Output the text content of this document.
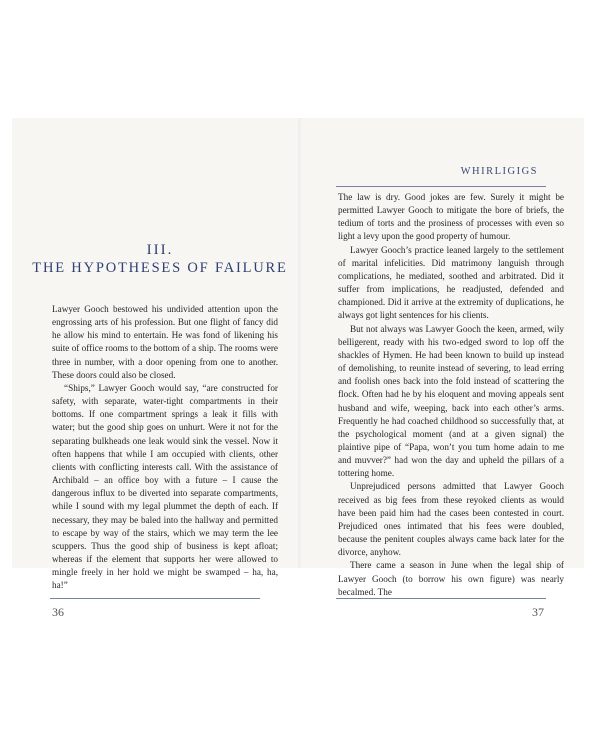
III.
THE HYPOTHESES OF FAILURE

Lawyer Gooch bestowed his undivided attention upon the engrossing arts of his profession. But one flight of fancy did he allow his mind to entertain. He was fond of likening his suite of office rooms to the bottom of a ship. The rooms were three in number, with a door opening from one to another. These doors could also be closed.

“Ships,” Lawyer Gooch would say, “are constructed for safety, with separate, water-tight compartments in their bottoms. If one compartment springs a leak it fills with water; but the good ship goes on unhurt. Were it not for the separating bulkheads one leak would sink the vessel. Now it often happens that while I am occupied with clients, other clients with conflicting interests call. With the assistance of Archibald – an office boy with a future – I cause the dangerous influx to be diverted into separate compartments, while I sound with my legal plummet the depth of each. If necessary, they may be baled into the hallway and permitted to escape by way of the stairs, which we may term the lee scuppers. Thus the good ship of business is kept afloat; whereas if the element that supports her were allowed to mingle freely in her hold we might be swamped – ha, ha, ha!”

36

WHIRLIGIGS

The law is dry. Good jokes are few. Surely it might be permitted Lawyer Gooch to mitigate the bore of briefs, the tedium of torts and the prosiness of processes with even so light a levy upon the good property of humour.

Lawyer Gooch’s practice leaned largely to the settlement of marital infelicities. Did matrimony languish through complications, he mediated, soothed and arbitrated. Did it suffer from implications, he readjusted, defended and championed. Did it arrive at the extremity of duplications, he always got light sentences for his clients.

But not always was Lawyer Gooch the keen, armed, wily belligerent, ready with his two-edged sword to lop off the shackles of Hymen. He had been known to build up instead of demolishing, to reunite instead of severing, to lead erring and foolish ones back into the fold instead of scattering the flock. Often had he by his eloquent and moving appeals sent husband and wife, weeping, back into each other’s arms. Frequently he had coached childhood so successfully that, at the psychological moment (and at a given signal) the plaintive pipe of “Papa, won’t you tum home adain to me and muvver?” had won the day and upheld the pillars of a tottering home.

Unprejudiced persons admitted that Lawyer Gooch received as big fees from these reyoked clients as would have been paid him had the cases been contested in court. Prejudiced ones intimated that his fees were doubled, because the penitent couples always came back later for the divorce, anyhow.

There came a season in June when the legal ship of Lawyer Gooch (to borrow his own figure) was nearly becalmed. The

37
